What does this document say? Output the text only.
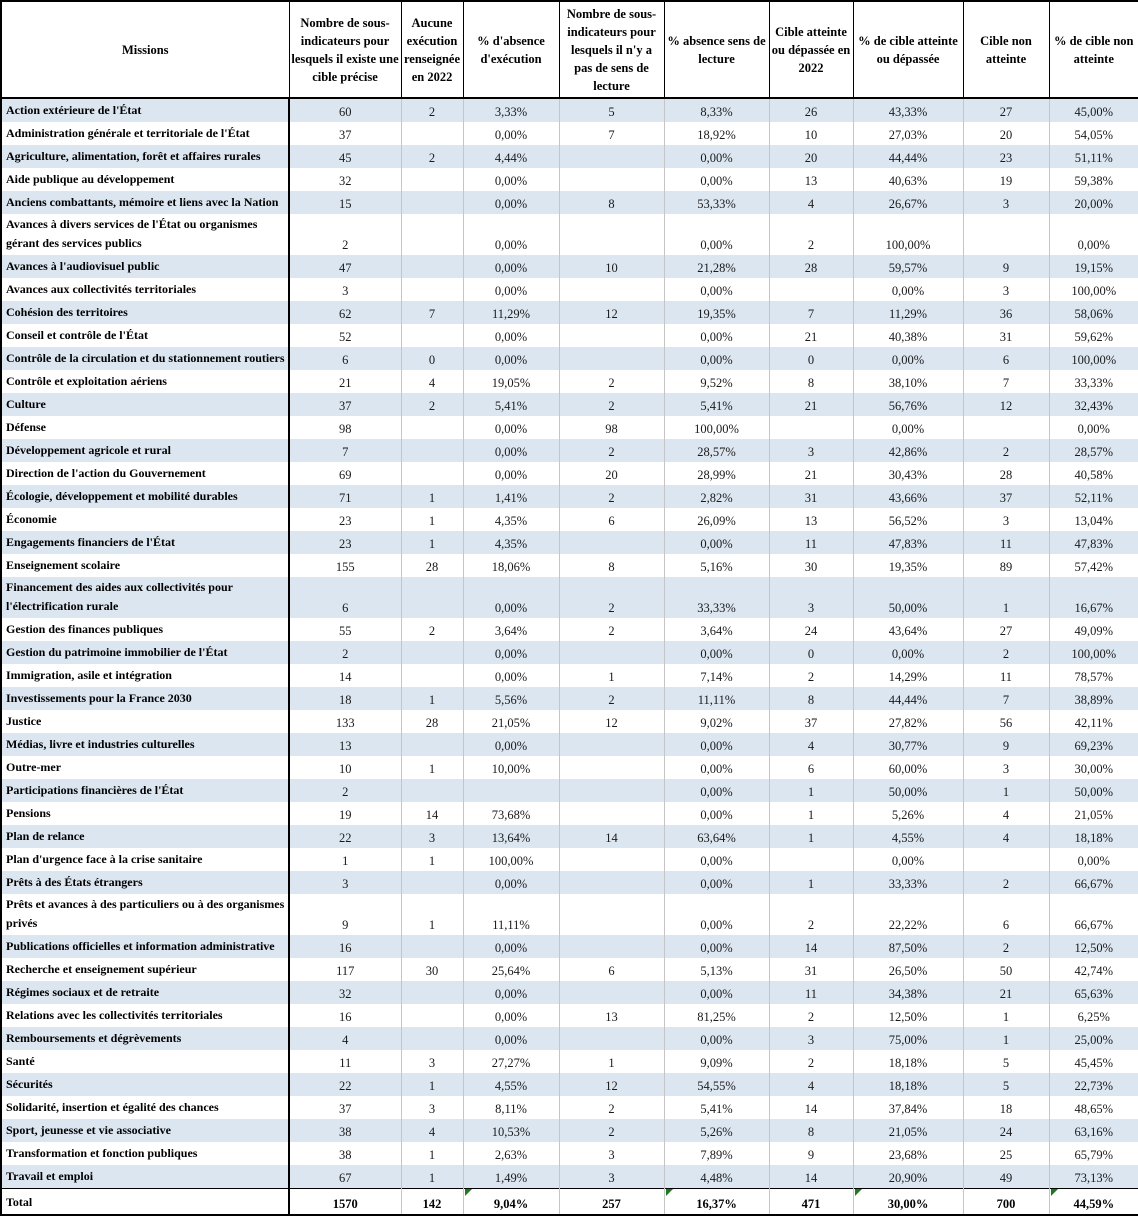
Missions	Nombre de sous-indicateurs pour lesquels il existe une cible précise	Aucune exécution renseignée en 2022	% d'absence d'exécution	Nombre de sous-indicateurs pour lesquels il n'y a pas de sens de lecture	% absence sens de lecture	Cible atteinte ou dépassée en 2022	% de cible atteinte ou dépassée	Cible non atteinte	% de cible non atteinte
Action extérieure de l'État	60	2	3,33%	5	8,33%	26	43,33%	27	45,00%
Administration générale et territoriale de l'État	37		0,00%	7	18,92%	10	27,03%	20	54,05%
Agriculture, alimentation, forêt et affaires rurales	45	2	4,44%		0,00%	20	44,44%	23	51,11%
Aide publique au développement	32		0,00%		0,00%	13	40,63%	19	59,38%
Anciens combattants, mémoire et liens avec la Nation	15		0,00%	8	53,33%	4	26,67%	3	20,00%
Avances à divers services de l'État ou organismes gérant des services publics	2		0,00%		0,00%	2	100,00%		0,00%
Avances à l'audiovisuel public	47		0,00%	10	21,28%	28	59,57%	9	19,15%
Avances aux collectivités territoriales	3		0,00%		0,00%		0,00%	3	100,00%
Cohésion des territoires	62	7	11,29%	12	19,35%	7	11,29%	36	58,06%
Conseil et contrôle de l'État	52		0,00%		0,00%	21	40,38%	31	59,62%
Contrôle de la circulation et du stationnement routiers	6	0	0,00%		0,00%	0	0,00%	6	100,00%
Contrôle et exploitation aériens	21	4	19,05%	2	9,52%	8	38,10%	7	33,33%
Culture	37	2	5,41%	2	5,41%	21	56,76%	12	32,43%
Défense	98		0,00%	98	100,00%		0,00%		0,00%
Développement agricole et rural	7		0,00%	2	28,57%	3	42,86%	2	28,57%
Direction de l'action du Gouvernement	69		0,00%	20	28,99%	21	30,43%	28	40,58%
Écologie, développement et mobilité durables	71	1	1,41%	2	2,82%	31	43,66%	37	52,11%
Économie	23	1	4,35%	6	26,09%	13	56,52%	3	13,04%
Engagements financiers de l'État	23	1	4,35%		0,00%	11	47,83%	11	47,83%
Enseignement scolaire	155	28	18,06%	8	5,16%	30	19,35%	89	57,42%
Financement des aides aux collectivités pour l'électrification rurale	6		0,00%	2	33,33%	3	50,00%	1	16,67%
Gestion des finances publiques	55	2	3,64%	2	3,64%	24	43,64%	27	49,09%
Gestion du patrimoine immobilier de l'État	2		0,00%		0,00%	0	0,00%	2	100,00%
Immigration, asile et intégration	14		0,00%	1	7,14%	2	14,29%	11	78,57%
Investissements pour la France 2030	18	1	5,56%	2	11,11%	8	44,44%	7	38,89%
Justice	133	28	21,05%	12	9,02%	37	27,82%	56	42,11%
Médias, livre et industries culturelles	13		0,00%		0,00%	4	30,77%	9	69,23%
Outre-mer	10	1	10,00%		0,00%	6	60,00%	3	30,00%
Participations financières de l'État	2				0,00%	1	50,00%	1	50,00%
Pensions	19	14	73,68%		0,00%	1	5,26%	4	21,05%
Plan de relance	22	3	13,64%	14	63,64%	1	4,55%	4	18,18%
Plan d'urgence face à la crise sanitaire	1	1	100,00%		0,00%		0,00%		0,00%
Prêts à des États étrangers	3		0,00%		0,00%	1	33,33%	2	66,67%
Prêts et avances à des particuliers ou à des organismes privés	9	1	11,11%		0,00%	2	22,22%	6	66,67%
Publications officielles et information administrative	16		0,00%		0,00%	14	87,50%	2	12,50%
Recherche et enseignement supérieur	117	30	25,64%	6	5,13%	31	26,50%	50	42,74%
Régimes sociaux et de retraite	32		0,00%		0,00%	11	34,38%	21	65,63%
Relations avec les collectivités territoriales	16		0,00%	13	81,25%	2	12,50%	1	6,25%
Remboursements et dégrèvements	4		0,00%		0,00%	3	75,00%	1	25,00%
Santé	11	3	27,27%	1	9,09%	2	18,18%	5	45,45%
Sécurités	22	1	4,55%	12	54,55%	4	18,18%	5	22,73%
Solidarité, insertion et égalité des chances	37	3	8,11%	2	5,41%	14	37,84%	18	48,65%
Sport, jeunesse et vie associative	38	4	10,53%	2	5,26%	8	21,05%	24	63,16%
Transformation et fonction publiques	38	1	2,63%	3	7,89%	9	23,68%	25	65,79%
Travail et emploi	67	1	1,49%	3	4,48%	14	20,90%	49	73,13%
Total	1570	142	9,04%	257	16,37%	471	30,00%	700	44,59%
